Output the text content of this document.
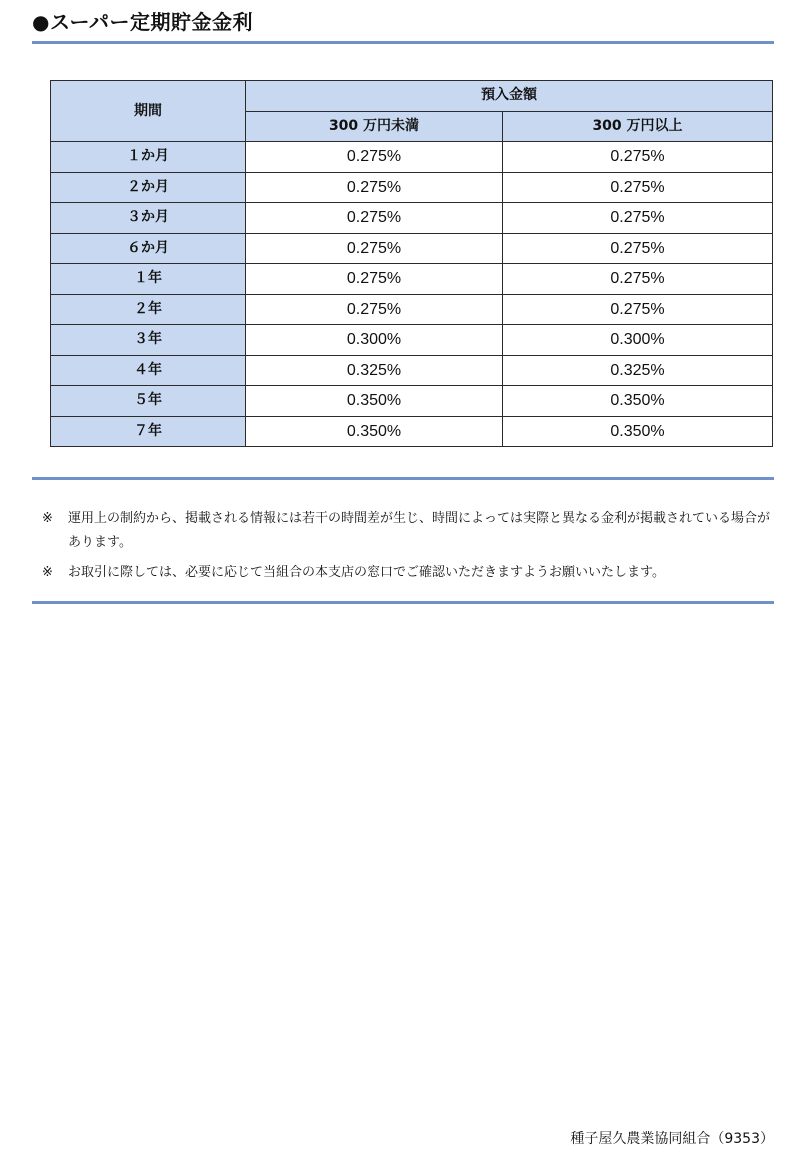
●スーパー定期貯金金利
期間	預入金額	
	300 万円未満	300 万円以上
１か月	0.275%	0.275%
２か月	0.275%	0.275%
３か月	0.275%	0.275%
６か月	0.275%	0.275%
１年	0.275%	0.275%
２年	0.275%	0.275%
３年	0.300%	0.300%
４年	0.325%	0.325%
５年	0.350%	0.350%
７年	0.350%	0.350%
※	運用上の制約から、掲載される情報には若干の時間差が生じ、時間によっては実際と異なる金利が掲載されている場合があります。
※	お取引に際しては、必要に応じて当組合の本支店の窓口でご確認いただきますようお願いいたします。
種子屋久農業協同組合（9353）
